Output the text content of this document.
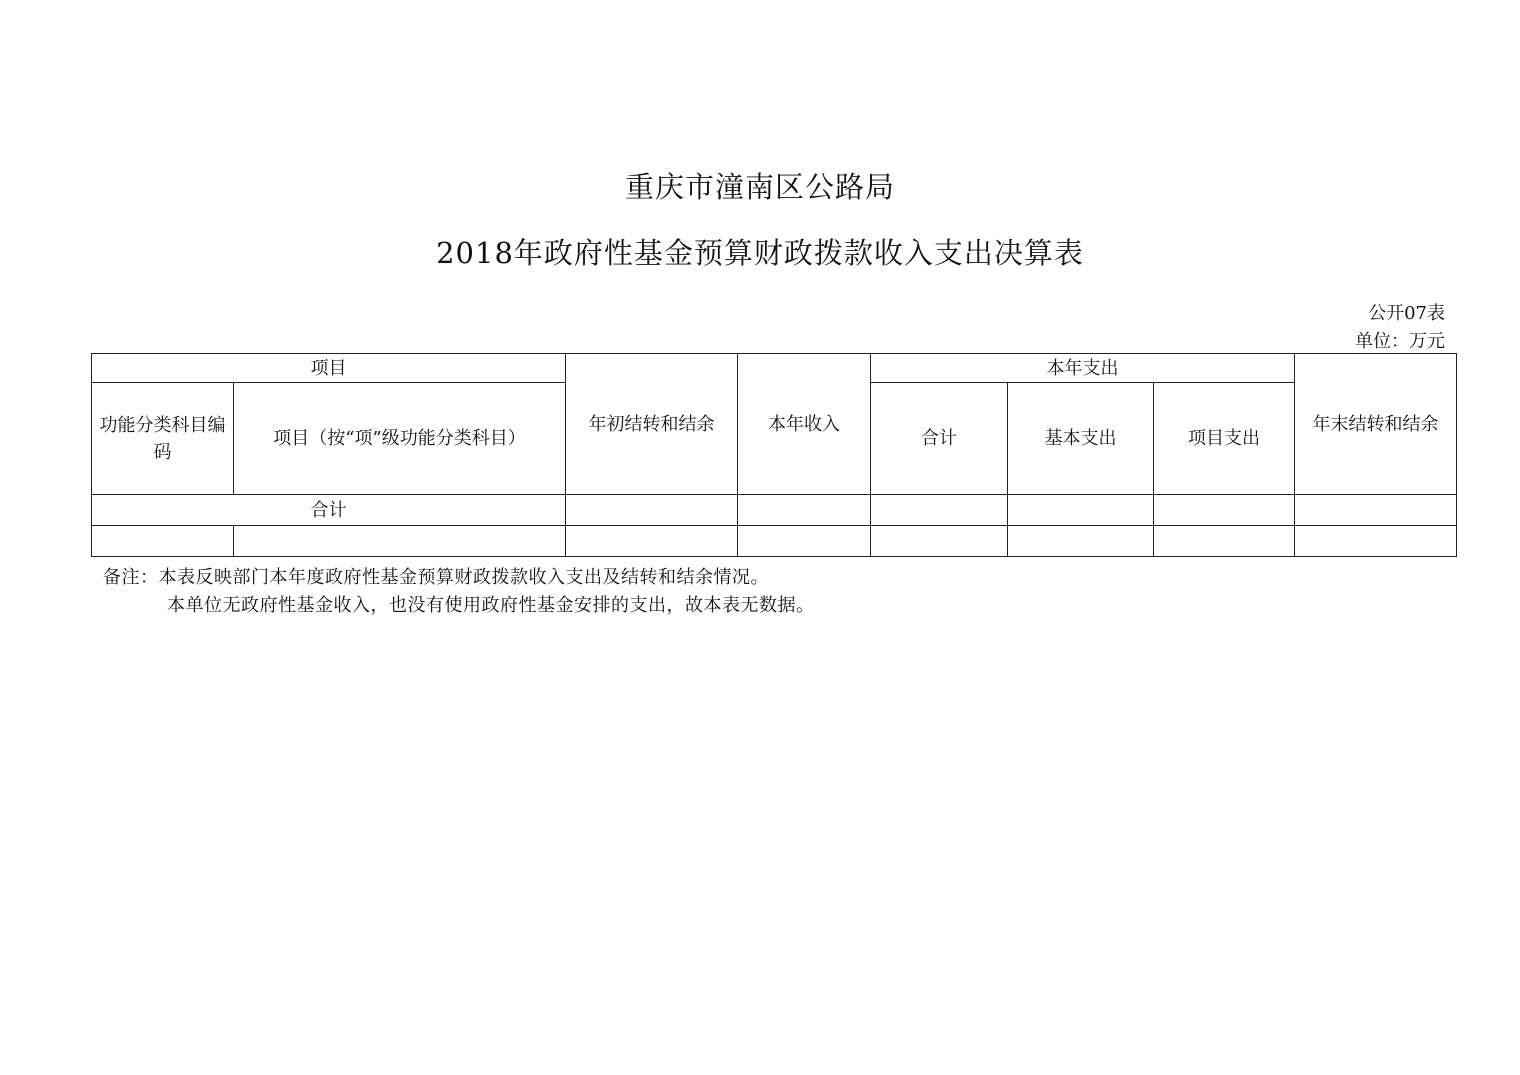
重庆市潼南区公路局
2018年政府性基金预算财政拨款收入支出决算表
公开07表
单位：万元
项目		年初结转和结余	本年收入	本年支出			年末结转和结余
功能分类科目编码	项目（按“项”级功能分类科目）			合计	基本支出	项目支出	
合计							

备注：本表反映部门本年度政府性基金预算财政拨款收入支出及结转和结余情况。
本单位无政府性基金收入，也没有使用政府性基金安排的支出，故本表无数据。
